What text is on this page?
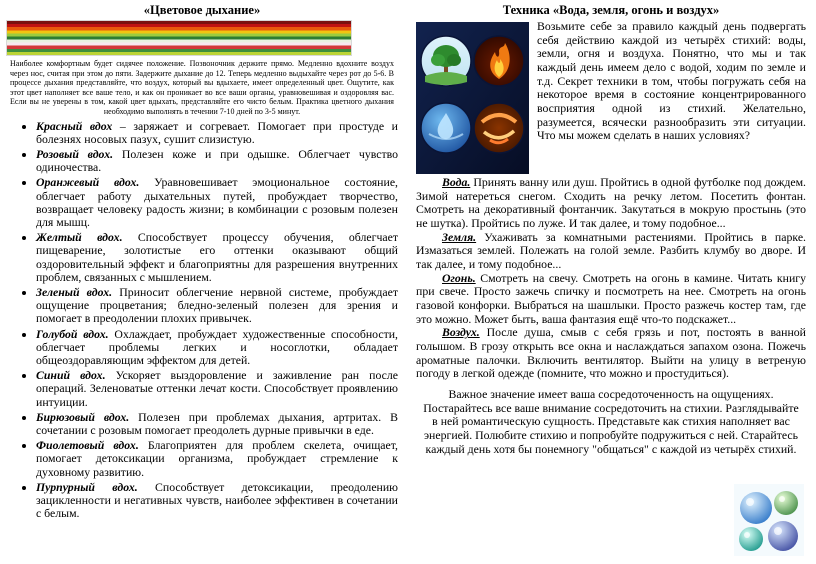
«Цветовое дыхание»

Наиболее комфортным будет сидячее положение. Позвоночник держите прямо. Медленно вдохните воздух через нос, считая при этом до пяти. Задержите дыхание до 12. Теперь медленно выдыхайте через рот до 5-6. В процессе дыхания представляйте, что воздух, который вы вдыхаете, имеет определенный цвет. Ощутите, как этот цвет наполняет все ваше тело, и как он проникает во все ваши органы, уравновешивая и оздоровляя вас. Если вы не уверены в том, какой цвет вдыхать, представляйте его чисто белым. Практика цветного дыхания необходимо выполнять в течении 7-10 дней по 3-5 минут.

• Красный вдох – заряжает и согревает. Помогает при простуде и болезнях носовых пазух, сушит слизистую.
• Розовый вдох. Полезен коже и при одышке. Облегчает чувство одиночества.
• Оранжевый вдох. Уравновешивает эмоциональное состояние, облегчает работу дыхательных путей, пробуждает творчество, возвращает человеку радость жизни; в комбинации с розовым полезен для мышц.
• Желтый вдох. Способствует процессу обучения, облегчает пищеварение, золотистые его оттенки оказывают общий оздоровительный эффект и благоприятны для разрешения внутренних проблем, связанных с мышлением.
• Зеленый вдох. Приносит облегчение нервной системе, пробуждает ощущение процветания; бледно-зеленый полезен для зрения и помогает в преодолении плохих привычек.
• Голубой вдох. Охлаждает, пробуждает художественные способности, облегчает проблемы легких и носоглотки, обладает общеоздоравляющим эффектом для детей.
• Синий вдох. Ускоряет выздоровление и заживление ран после операций. Зеленоватые оттенки лечат кости. Способствует проявлению интуиции.
• Бирюзовый вдох. Полезен при проблемах дыхания, артритах. В сочетании с розовым помогает преодолеть дурные привычки в еде.
• Фиолетовый вдох. Благоприятен для проблем скелета, очищает, помогает детоксикации организма, пробуждает стремление к духовному развитию.
• Пурпурный вдох. Способствует детоксикации, преодолению зацикленности и негативных чувств, наиболее эффективен в сочетании с белым.
Техника «Вода, земля, огонь и воздух»

Возьмите себе за правило каждый день подвергать себя действию каждой из четырёх стихий: воды, земли, огня и воздуха. Понятно, что мы и так каждый день имеем дело с водой, ходим по земле и т.д. Секрет техники в том, чтобы погружать себя на некоторое время в состояние концентрированного восприятия одной из стихий. Желательно, разумеется, всячески разнообразить эти ситуации. Что мы можем сделать в наших условиях?

Вода. Принять ванну или душ. Пройтись в одной футболке под дождем. Зимой натереться снегом. Сходить на речку летом. Посетить фонтан. Смотреть на декоративный фонтанчик. Закутаться в мокрую простынь (это не шутка). Пройтись по луже. И так далее, и тому подобное...

Земля. Ухаживать за комнатными растениями. Пройтись в парке. Измазаться землей. Полежать на голой земле. Разбить клумбу во дворе. И так далее, и тому подобное...

Огонь. Смотреть на свечу. Смотреть на огонь в камине. Читать книгу при свече. Просто зажечь спичку и посмотреть на нее. Смотреть на огонь газовой конфорки. Выбраться на шашлыки. Просто разжечь костер там, где это можно. Может быть, ваша фантазия ещё что-то подскажет...

Воздух. После душа, смыв с себя грязь и пот, постоять в ванной голышом. В грозу открыть все окна и наслаждаться запахом озона. Пожечь ароматные палочки. Включить вентилятор. Выйти на улицу в ветреную погоду в легкой одежде (помните, что можно и простудиться).

Важное значение имеет ваша сосредоточенность на ощущениях. Постарайтесь все ваше внимание сосредоточить на стихии. Разглядывайте в ней романтическую сущность. Представьте как стихия наполняет вас энергией. Полюбите стихию и попробуйте подружиться с ней. Старайтесь каждый день хотя бы понемногу "общаться" с каждой из четырёх стихий.
